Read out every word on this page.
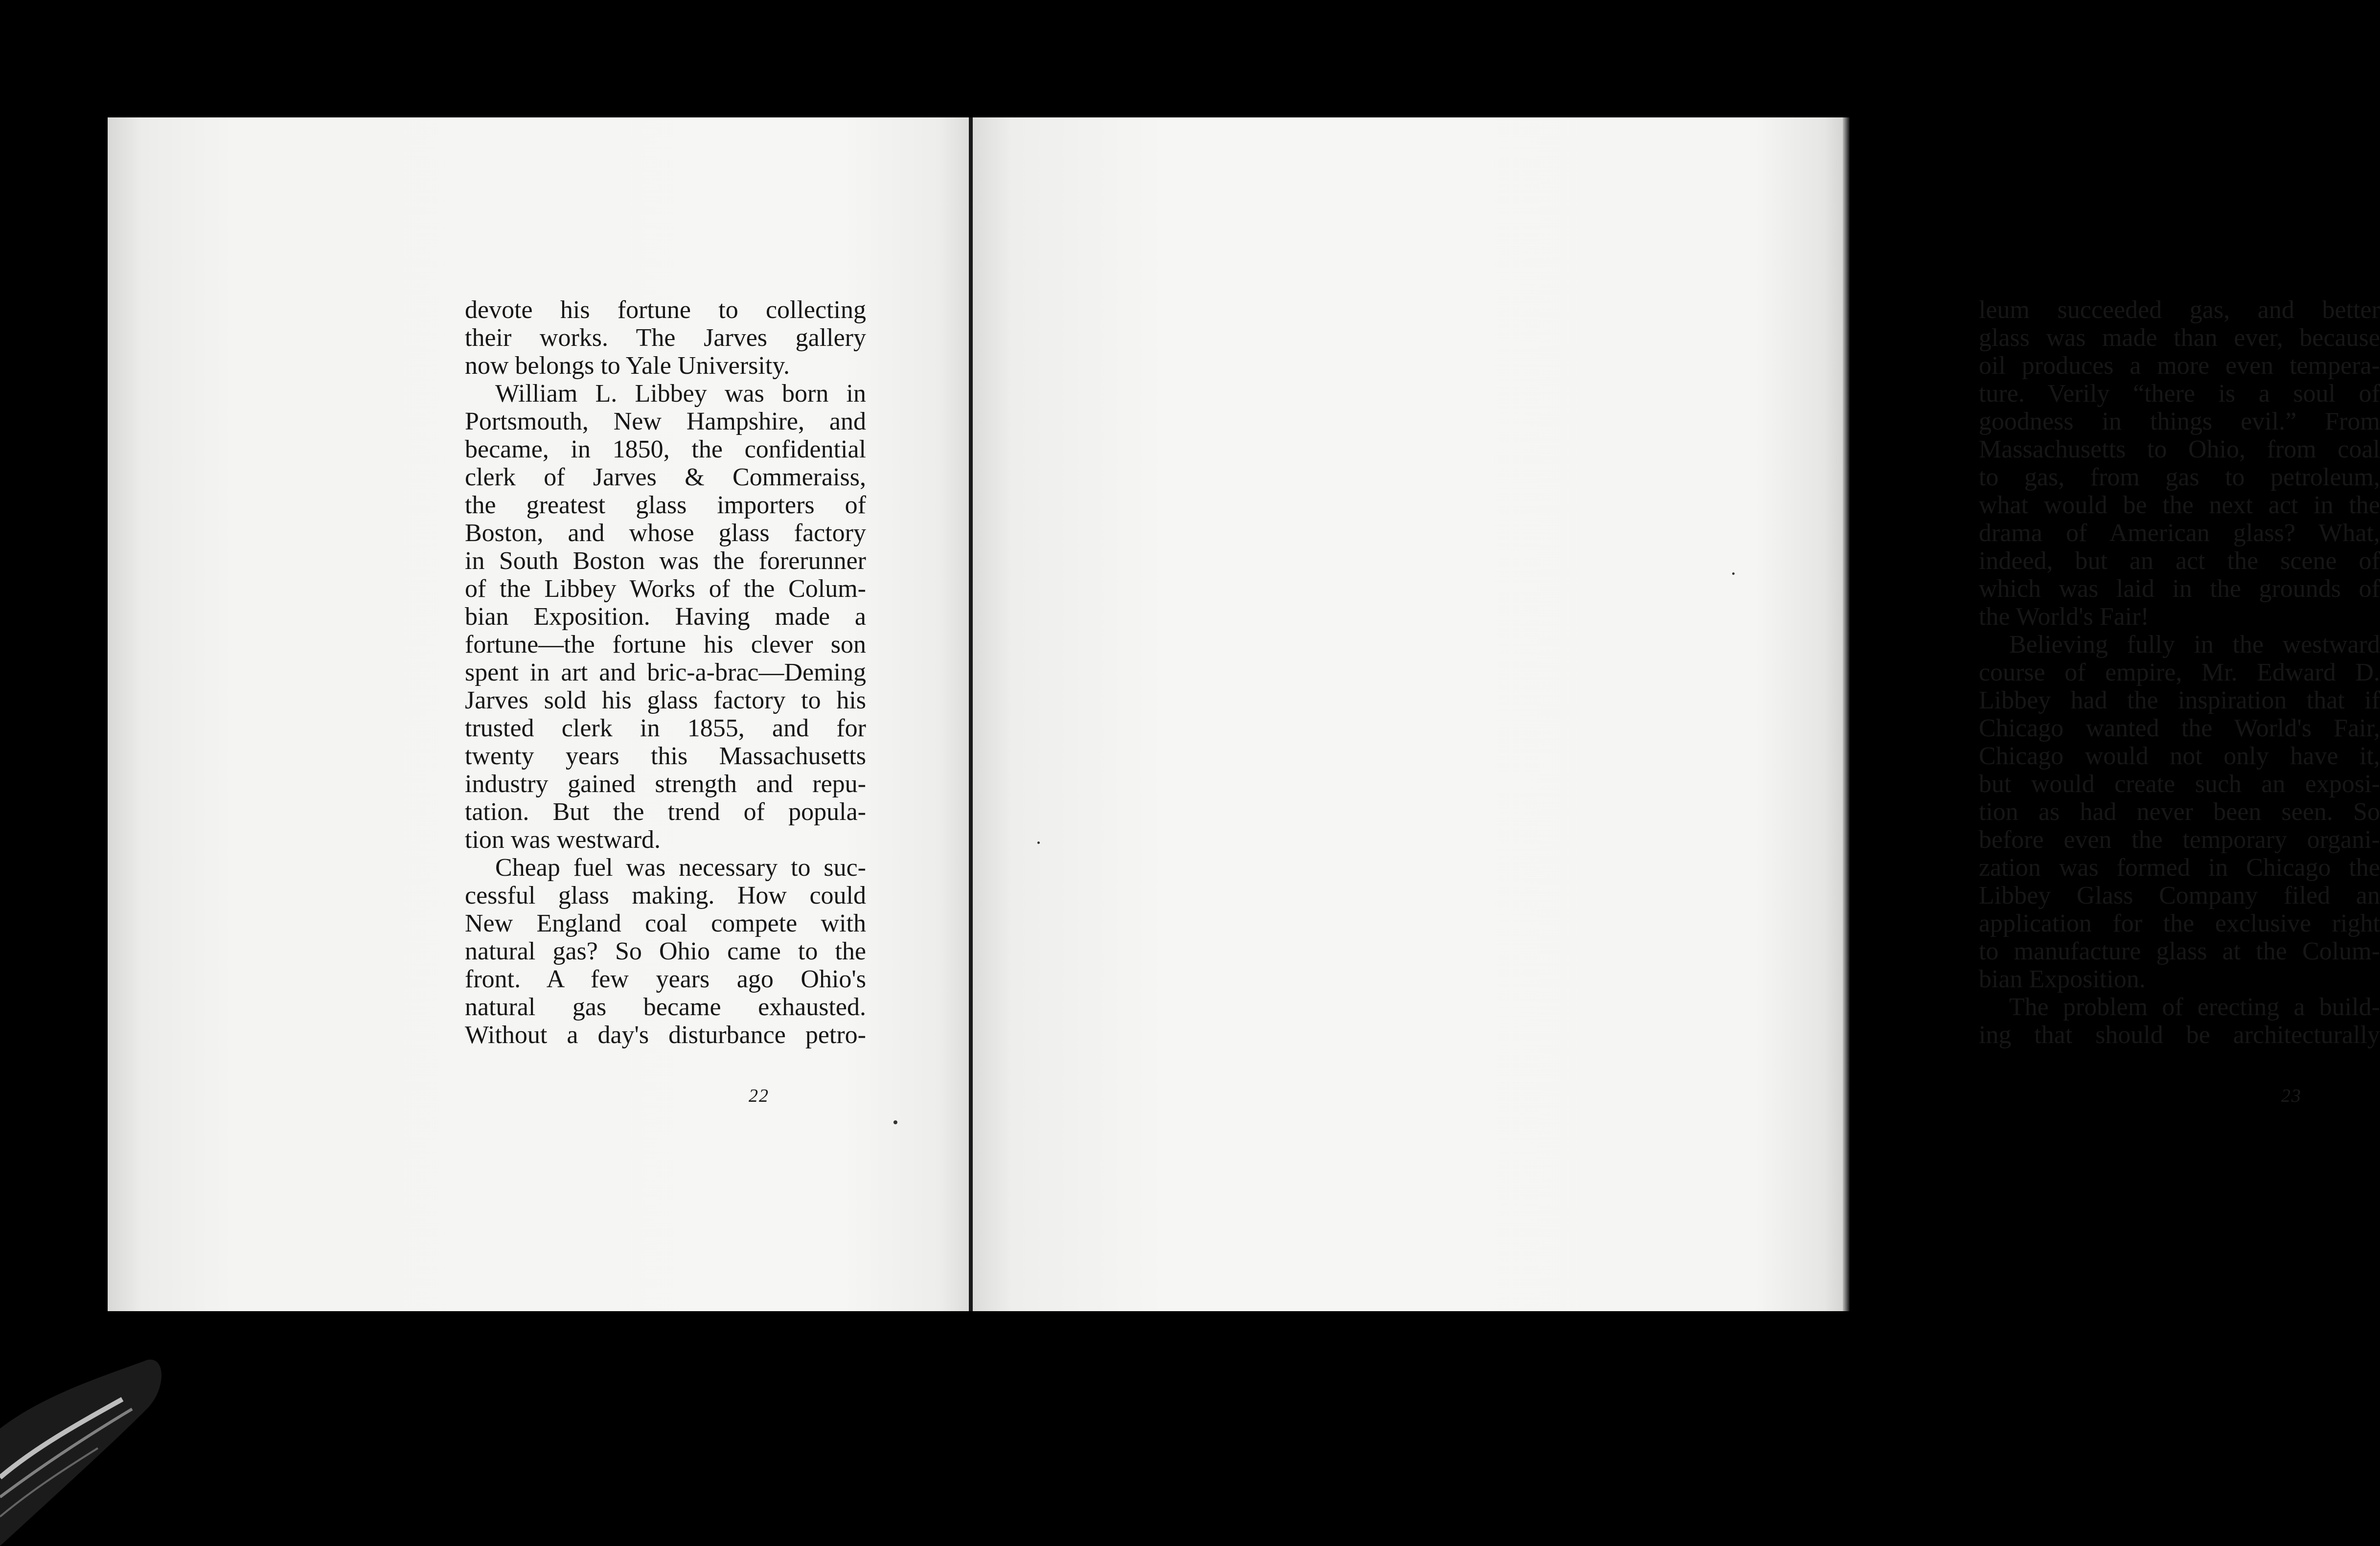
devote his fortune to collecting
their works. The Jarves gallery
now belongs to Yale University.
William L. Libbey was born in
Portsmouth, New Hampshire, and
became, in 1850, the confidential
clerk of Jarves & Commeraiss,
the greatest glass importers of
Boston, and whose glass factory
in South Boston was the forerunner
of the Libbey Works of the Colum-
bian Exposition. Having made a
fortune—the fortune his clever son
spent in art and bric-a-brac—Deming
Jarves sold his glass factory to his
trusted clerk in 1855, and for
twenty years this Massachusetts
industry gained strength and repu-
tation. But the trend of popula-
tion was westward.
Cheap fuel was necessary to suc-
cessful glass making. How could
New England coal compete with
natural gas? So Ohio came to the
front. A few years ago Ohio's
natural gas became exhausted.
Without a day's disturbance petro-
22
leum succeeded gas, and better
glass was made than ever, because
oil produces a more even tempera-
ture. Verily “there is a soul of
goodness in things evil.” From
Massachusetts to Ohio, from coal
to gas, from gas to petroleum,
what would be the next act in the
drama of American glass? What,
indeed, but an act the scene of
which was laid in the grounds of
the World's Fair!
Believing fully in the westward
course of empire, Mr. Edward D.
Libbey had the inspiration that if
Chicago wanted the World's Fair,
Chicago would not only have it,
but would create such an exposi-
tion as had never been seen. So
before even the temporary organi-
zation was formed in Chicago the
Libbey Glass Company filed an
application for the exclusive right
to manufacture glass at the Colum-
bian Exposition.
The problem of erecting a build-
ing that should be architecturally
23
